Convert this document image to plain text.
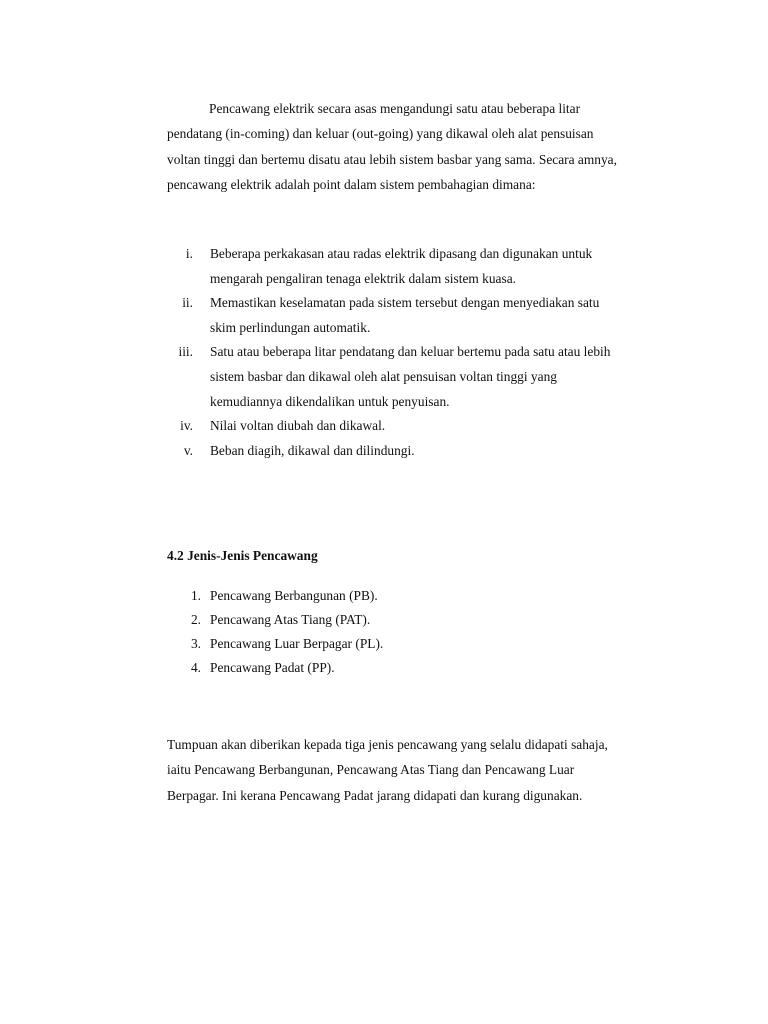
Pencawang elektrik secara asas mengandungi satu atau beberapa litar
pendatang (in-coming) dan keluar (out-going) yang dikawal oleh alat pensuisan
voltan tinggi dan bertemu disatu atau lebih sistem basbar yang sama. Secara amnya,
pencawang elektrik adalah point dalam sistem pembahagian dimana:

i. Beberapa perkakasan atau radas elektrik dipasang dan digunakan untuk
mengarah pengaliran tenaga elektrik dalam sistem kuasa.
ii. Memastikan keselamatan pada sistem tersebut dengan menyediakan satu
skim perlindungan automatik.
iii. Satu atau beberapa litar pendatang dan keluar bertemu pada satu atau lebih
sistem basbar dan dikawal oleh alat pensuisan voltan tinggi yang
kemudiannya dikendalikan untuk penyuisan.
iv. Nilai voltan diubah dan dikawal.
v. Beban diagih, dikawal dan dilindungi.
4.2 Jenis-Jenis Pencawang
1. Pencawang Berbangunan (PB).
2. Pencawang Atas Tiang (PAT).
3. Pencawang Luar Berpagar (PL).
4. Pencawang Padat (PP).

Tumpuan akan diberikan kepada tiga jenis pencawang yang selalu didapati sahaja,
iaitu Pencawang Berbangunan, Pencawang Atas Tiang dan Pencawang Luar
Berpagar. Ini kerana Pencawang Padat jarang didapati dan kurang digunakan.
